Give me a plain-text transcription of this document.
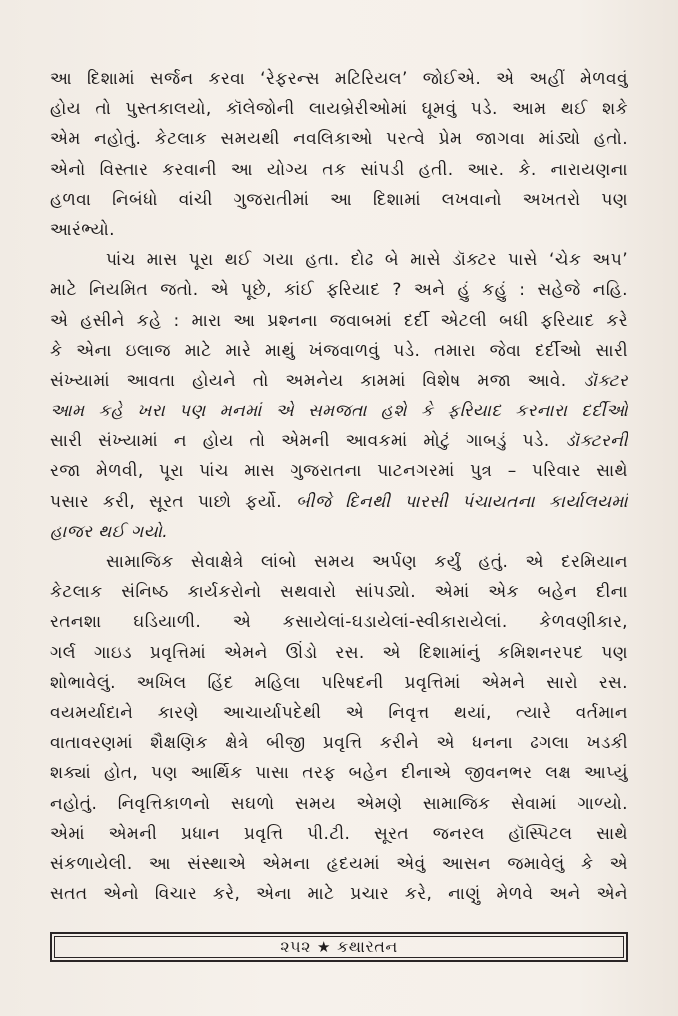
આ દિશામાં સર્જન કરવા ‘રેફરન્સ મટિરિયલ’ જોઈએ. એ અહીં મેળવવું
હોય તો પુસ્તકાલયો, કૉલેજોની લાયબ્રેરીઓમાં ઘૂમવું પડે. આમ થઈ શકે
એમ નહોતું. કેટલાક સમયથી નવલિકાઓ પરત્વે પ્રેમ જાગવા માંડ્યો હતો.
એનો વિસ્તાર કરવાની આ યોગ્ય તક સાંપડી હતી. આર. કે. નારાયણના
હળવા નિબંધો વાંચી ગુજરાતીમાં આ દિશામાં લખવાનો અખતરો પણ
આરંભ્યો.
પાંચ માસ પૂરા થઈ ગયા હતા. દોઢ બે માસે ડૉક્ટર પાસે ‘ચેક અપ’
માટે નિયમિત જતો. એ પૂછે, કાંઈ ફરિયાદ ? અને હું કહું : સહેજે નહિ.
એ હસીને કહે : મારા આ પ્રશ્નના જવાબમાં દર્દી એટલી બધી ફરિયાદ કરે
કે એના ઇલાજ માટે મારે માથું ખંજવાળવું પડે. તમારા જેવા દર્દીઓ સારી
સંખ્યામાં આવતા હોયને તો અમનેય કામમાં વિશેષ મજા આવે. ડૉક્ટર
આમ કહે ખરા પણ મનમાં એ સમજતા હશે કે ફરિયાદ કરનારા દર્દીઓ
સારી સંખ્યામાં ન હોય તો એમની આવકમાં મોટું ગાબડું પડે. ડૉક્ટરની
રજા મેળવી, પૂરા પાંચ માસ ગુજરાતના પાટનગરમાં પુત્ર – પરિવાર સાથે
પસાર કરી, સૂરત પાછો ફર્યો. બીજે દિનથી પારસી પંચાયતના કાર્યાલયમાં
હાજર થઈ ગયો.
સામાજિક સેવાક્ષેત્રે લાંબો સમય અર્પણ કર્યું હતું. એ દરમિયાન
કેટલાક સંનિષ્ઠ કાર્યકરોનો સથવારો સાંપડ્યો. એમાં એક બહેન દીના
રતનશા ઘડિયાળી. એ કસાયેલાં-ઘડાયેલાં-સ્વીકારાયેલાં. કેળવણીકાર,
ગર્લ ગાઇડ પ્રવૃત્તિમાં એમને ઊંડો રસ. એ દિશામાંનું કમિશનરપદ પણ
શોભાવેલું. અખિલ હિંદ મહિલા પરિષદની પ્રવૃત્તિમાં એમને સારો રસ.
વયમર્યાદાને કારણે આચાર્યાપદેથી એ નિવૃત્ત થયાં, ત્યારે વર્તમાન
વાતાવરણમાં શૈક્ષણિક ક્ષેત્રે બીજી પ્રવૃત્તિ કરીને એ ધનના ઢગલા ખડકી
શક્યાં હોત, પણ આર્થિક પાસા તરફ બહેન દીનાએ જીવનભર લક્ષ આપ્યું
નહોતું. નિવૃત્તિકાળનો સઘળો સમય એમણે સામાજિક સેવામાં ગાળ્યો.
એમાં એમની પ્રધાન પ્રવૃત્તિ પી.ટી. સૂરત જનરલ હૉસ્પિટલ સાથે
સંકળાયેલી. આ સંસ્થાએ એમના હૃદયમાં એવું આસન જમાવેલું કે એ
સતત એનો વિચાર કરે, એના માટે પ્રચાર કરે, નાણું મેળવે અને એને
૨૫૨ ★ કથારતન
